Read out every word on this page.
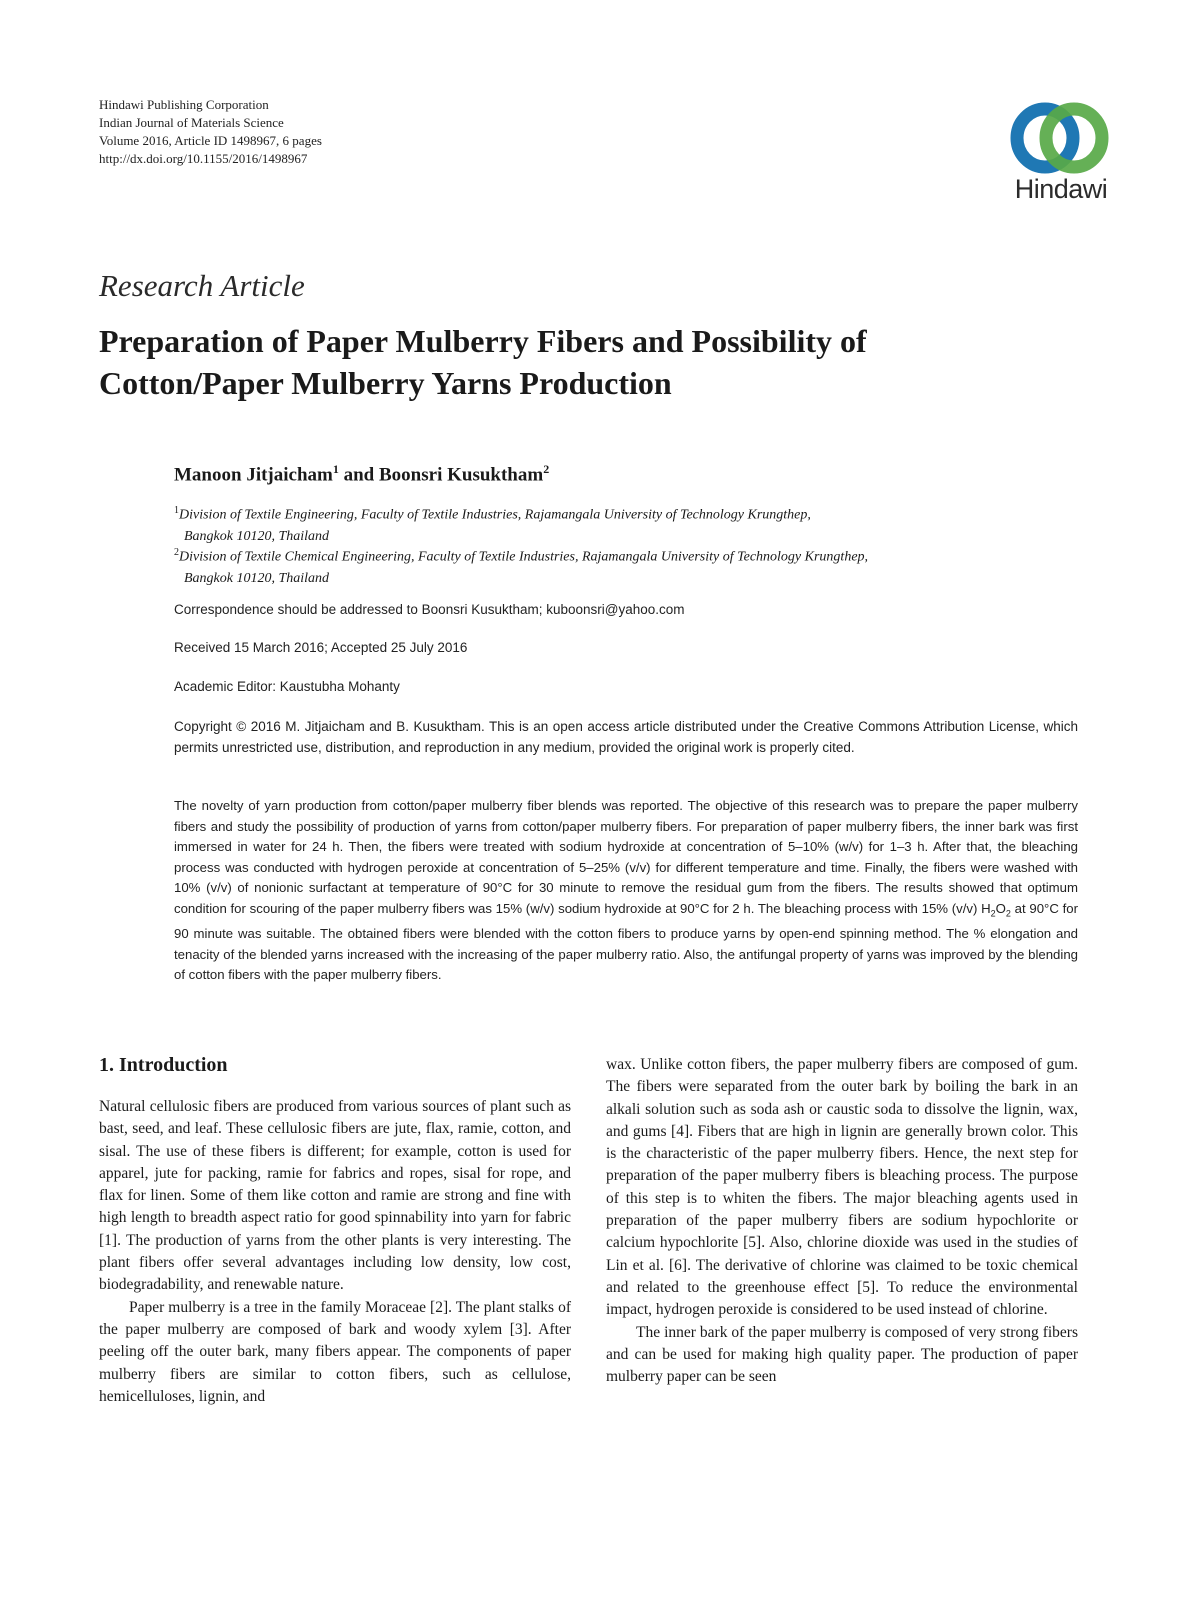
Hindawi Publishing Corporation
Indian Journal of Materials Science
Volume 2016, Article ID 1498967, 6 pages
http://dx.doi.org/10.1155/2016/1498967
Hindawi
Research Article
Preparation of Paper Mulberry Fibers and Possibility of Cotton/Paper Mulberry Yarns Production
Manoon Jitjaicham$^1$ and Boonsri Kusuktham$^2$
$^1$Division of Textile Engineering, Faculty of Textile Industries, Rajamangala University of Technology Krungthep,
Bangkok 10120, Thailand
$^2$Division of Textile Chemical Engineering, Faculty of Textile Industries, Rajamangala University of Technology Krungthep,
Bangkok 10120, Thailand
Correspondence should be addressed to Boonsri Kusuktham; kuboonsri@yahoo.com
Received 15 March 2016; Accepted 25 July 2016
Academic Editor: Kaustubha Mohanty
Copyright © 2016 M. Jitjaicham and B. Kusuktham. This is an open access article distributed under the Creative Commons Attribution License, which permits unrestricted use, distribution, and reproduction in any medium, provided the original work is properly cited.
The novelty of yarn production from cotton/paper mulberry fiber blends was reported. The objective of this research was to prepare the paper mulberry fibers and study the possibility of production of yarns from cotton/paper mulberry fibers. For preparation of paper mulberry fibers, the inner bark was first immersed in water for 24 h. Then, the fibers were treated with sodium hydroxide at concentration of 5–10% (w/v) for 1–3 h. After that, the bleaching process was conducted with hydrogen peroxide at concentration of 5–25% (v/v) for different temperature and time. Finally, the fibers were washed with 10% (v/v) of nonionic surfactant at temperature of 90°C for 30 minute to remove the residual gum from the fibers. The results showed that optimum condition for scouring of the paper mulberry fibers was 15% (w/v) sodium hydroxide at 90°C for 2 h. The bleaching process with 15% (v/v) $H_2O_2$ at 90°C for 90 minute was suitable. The obtained fibers were blended with the cotton fibers to produce yarns by open-end spinning method. The % elongation and tenacity of the blended yarns increased with the increasing of the paper mulberry ratio. Also, the antifungal property of yarns was improved by the blending of cotton fibers with the paper mulberry fibers.
1. Introduction

Natural cellulosic fibers are produced from various sources of plant such as bast, seed, and leaf. These cellulosic fibers are jute, flax, ramie, cotton, and sisal. The use of these fibers is different; for example, cotton is used for apparel, jute for packing, ramie for fabrics and ropes, sisal for rope, and flax for linen. Some of them like cotton and ramie are strong and fine with high length to breadth aspect ratio for good spinnability into yarn for fabric [1]. The production of yarns from the other plants is very interesting. The plant fibers offer several advantages including low density, low cost, biodegradability, and renewable nature.

Paper mulberry is a tree in the family Moraceae [2]. The plant stalks of the paper mulberry are composed of bark and woody xylem [3]. After peeling off the outer bark, many fibers appear. The components of paper mulberry fibers are similar to cotton fibers, such as cellulose, hemicelluloses, lignin, and

wax. Unlike cotton fibers, the paper mulberry fibers are composed of gum. The fibers were separated from the outer bark by boiling the bark in an alkali solution such as soda ash or caustic soda to dissolve the lignin, wax, and gums [4]. Fibers that are high in lignin are generally brown color. This is the characteristic of the paper mulberry fibers. Hence, the next step for preparation of the paper mulberry fibers is bleaching process. The purpose of this step is to whiten the fibers. The major bleaching agents used in preparation of the paper mulberry fibers are sodium hypochlorite or calcium hypochlorite [5]. Also, chlorine dioxide was used in the studies of Lin et al. [6]. The derivative of chlorine was claimed to be toxic chemical and related to the greenhouse effect [5]. To reduce the environmental impact, hydrogen peroxide is considered to be used instead of chlorine.

The inner bark of the paper mulberry is composed of very strong fibers and can be used for making high quality paper. The production of paper mulberry paper can be seen
